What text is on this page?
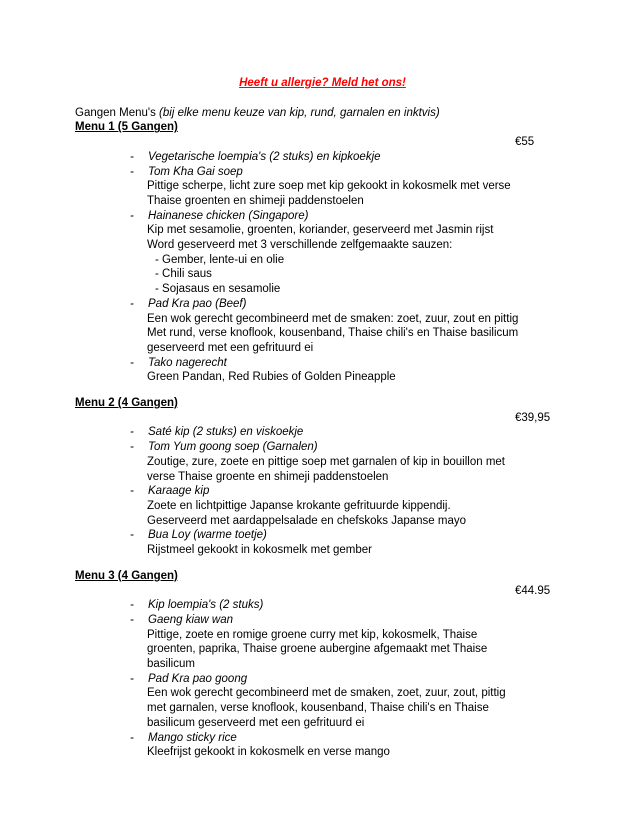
Heeft u allergie? Meld het ons!
Gangen Menu's (bij elke menu keuze van kip, rund, garnalen en inktvis)
Menu 1 (5 Gangen)
€55
- Vegetarische loempia's (2 stuks) en kipkoekje
- Tom Kha Gai soep
Pittige scherpe, licht zure soep met kip gekookt in kokosmelk met verse
Thaise groenten en shimeji paddenstoelen
- Hainanese chicken (Singapore)
Kip met sesamolie, groenten, koriander, geserveerd met Jasmin rijst
Word geserveerd met 3 verschillende zelfgemaakte sauzen:
- Gember, lente-ui en olie
- Chili saus
- Sojasaus en sesamolie
- Pad Kra pao (Beef)
Een wok gerecht gecombineerd met de smaken: zoet, zuur, zout en pittig
Met rund, verse knoflook, kousenband, Thaise chili's en Thaise basilicum
geserveerd met een gefrituurd ei
- Tako nagerecht
Green Pandan, Red Rubies of Golden Pineapple
Menu 2 (4 Gangen)
€39,95
- Saté kip (2 stuks) en viskoekje
- Tom Yum goong soep (Garnalen)
Zoutige, zure, zoete en pittige soep met garnalen of kip in bouillon met
verse Thaise groente en shimeji paddenstoelen
- Karaage kip
Zoete en lichtpittige Japanse krokante gefrituurde kippendij.
Geserveerd met aardappelsalade en chefskoks Japanse mayo
- Bua Loy (warme toetje)
Rijstmeel gekookt in kokosmelk met gember
Menu 3 (4 Gangen)
€44.95
- Kip loempia's (2 stuks)
- Gaeng kiaw wan
Pittige, zoete en romige groene curry met kip, kokosmelk, Thaise
groenten, paprika, Thaise groene aubergine afgemaakt met Thaise
basilicum
- Pad Kra pao goong
Een wok gerecht gecombineerd met de smaken, zoet, zuur, zout, pittig
met garnalen, verse knoflook, kousenband, Thaise chili's en Thaise
basilicum geserveerd met een gefrituurd ei
- Mango sticky rice
Kleefrijst gekookt in kokosmelk en verse mango
